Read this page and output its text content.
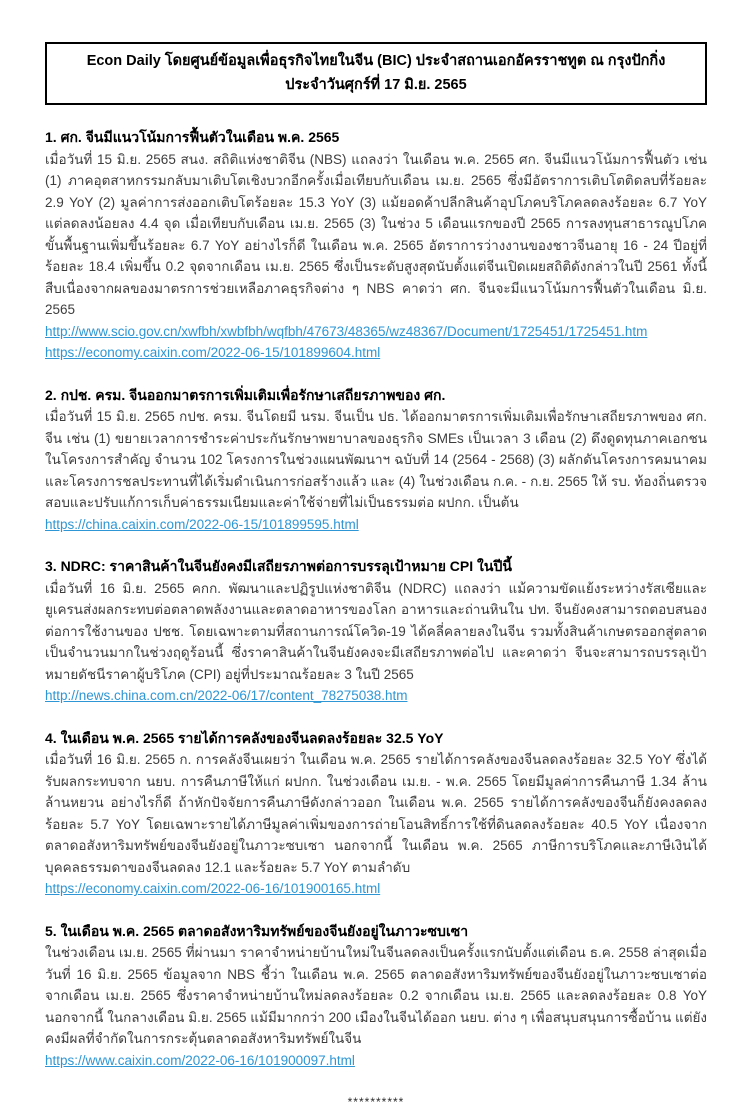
Econ Daily โดยศูนย์ข้อมูลเพื่อธุรกิจไทยในจีน (BIC) ประจำสถานเอกอัครราชทูต ณ กรุงปักกิ่ง
ประจำวันศุกร์ที่ 17 มิ.ย. 2565
1. ศก. จีนมีแนวโน้มการฟื้นตัวในเดือน พ.ค. 2565

เมื่อวันที่ 15 มิ.ย. 2565 สนง. สถิติแห่งชาติจีน (NBS) แถลงว่า ในเดือน พ.ค. 2565 ศก. จีนมีแนวโน้มการฟื้นตัว เช่น (1) ภาคอุตสาหกรรมกลับมาเติบโตเชิงบวกอีกครั้งเมื่อเทียบกับเดือน เม.ย. 2565 ซึ่งมีอัตราการเติบโตติดลบที่ร้อยละ 2.9 YoY (2) มูลค่าการส่งออกเติบโตร้อยละ 15.3 YoY (3) แม้ยอดค้าปลีกสินค้าอุปโภคบริโภคลดลงร้อยละ 6.7 YoY แต่ลดลงน้อยลง 4.4 จุด เมื่อเทียบกับเดือน เม.ย. 2565 (3) ในช่วง 5 เดือนแรกของปี 2565 การลงทุนสาธารณูปโภคขั้นพื้นฐานเพิ่มขึ้นร้อยละ 6.7 YoY อย่างไรก็ดี ในเดือน พ.ค. 2565 อัตราการว่างงานของชาวจีนอายุ 16 - 24 ปีอยู่ที่ร้อยละ 18.4 เพิ่มขึ้น 0.2 จุดจากเดือน เม.ย. 2565 ซึ่งเป็นระดับสูงสุดนับตั้งแต่จีนเปิดเผยสถิติดังกล่าวในปี 2561 ทั้งนี้ สืบเนื่องจากผลของมาตรการช่วยเหลือภาคธุรกิจต่าง ๆ NBS คาดว่า ศก. จีนจะมีแนวโน้มการฟื้นตัวในเดือน มิ.ย. 2565

http://www.scio.gov.cn/xwfbh/xwbfbh/wqfbh/47673/48365/wz48367/Document/1725451/1725451.htm
https://economy.caixin.com/2022-06-15/101899604.html
2. กปช. ครม. จีนออกมาตรการเพิ่มเติมเพื่อรักษาเสถียรภาพของ ศก.

เมื่อวันที่ 15 มิ.ย. 2565 กปช. ครม. จีนโดยมี นรม. จีนเป็น ปธ. ได้ออกมาตรการเพิ่มเติมเพื่อรักษาเสถียรภาพของ ศก. จีน เช่น (1) ขยายเวลาการชำระค่าประกันรักษาพยาบาลของธุรกิจ SMEs เป็นเวลา 3 เดือน (2) ดึงดูดทุนภาคเอกชนในโครงการสำคัญ จำนวน 102 โครงการในช่วงแผนพัฒนาฯ ฉบับที่ 14 (2564 - 2568) (3) ผลักดันโครงการคมนาคมและโครงการชลประทานที่ได้เริ่มดำเนินการก่อสร้างแล้ว และ (4) ในช่วงเดือน ก.ค. - ก.ย. 2565 ให้ รบ. ท้องถิ่นตรวจสอบและปรับแก้การเก็บค่าธรรมเนียมและค่าใช้จ่ายที่ไม่เป็นธรรมต่อ ผปกก. เป็นต้น

https://china.caixin.com/2022-06-15/101899595.html
3. NDRC: ราคาสินค้าในจีนยังคงมีเสถียรภาพต่อการบรรลุเป้าหมาย CPI ในปีนี้

เมื่อวันที่ 16 มิ.ย. 2565 คกก. พัฒนาและปฏิรูปแห่งชาติจีน (NDRC) แถลงว่า แม้ความขัดแย้งระหว่างรัสเซียและยูเครนส่งผลกระทบต่อตลาดพลังงานและตลาดอาหารของโลก อาหารและถ่านหินใน ปท. จีนยังคงสามารถตอบสนองต่อการใช้งานของ ปชช. โดยเฉพาะตามที่สถานการณ์โควิด-19 ได้คลี่คลายลงในจีน รวมทั้งสินค้าเกษตรออกสู่ตลาดเป็นจำนวนมากในช่วงฤดูร้อนนี้ ซึ่งราคาสินค้าในจีนยังคงจะมีเสถียรภาพต่อไป และคาดว่า จีนจะสามารถบรรลุเป้าหมายดัชนีราคาผู้บริโภค (CPI) อยู่ที่ประมาณร้อยละ 3 ในปี 2565

http://news.china.com.cn/2022-06/17/content_78275038.htm
4. ในเดือน พ.ค. 2565 รายได้การคลังของจีนลดลงร้อยละ 32.5 YoY

เมื่อวันที่ 16 มิ.ย. 2565 ก. การคลังจีนเผยว่า ในเดือน พ.ค. 2565 รายได้การคลังของจีนลดลงร้อยละ 32.5 YoY ซึ่งได้รับผลกระทบจาก นยบ. การคืนภาษีให้แก่ ผปกก. ในช่วงเดือน เม.ย. - พ.ค. 2565 โดยมีมูลค่าการคืนภาษี 1.34 ล้านล้านหยวน อย่างไรก็ดี ถ้าหักปัจจัยการคืนภาษีดังกล่าวออก ในเดือน พ.ค. 2565 รายได้การคลังของจีนก็ยังคงลดลงร้อยละ 5.7 YoY โดยเฉพาะรายได้ภาษีมูลค่าเพิ่มของการถ่ายโอนสิทธิ์การใช้ที่ดินลดลงร้อยละ 40.5 YoY เนื่องจากตลาดอสังหาริมทรัพย์ของจีนยังอยู่ในภาวะซบเซา นอกจากนี้ ในเดือน พ.ค. 2565 ภาษีการบริโภคและภาษีเงินได้บุคคลธรรมดาของจีนลดลง 12.1 และร้อยละ 5.7 YoY ตามลำดับ

https://economy.caixin.com/2022-06-16/101900165.html
5. ในเดือน พ.ค. 2565 ตลาดอสังหาริมทรัพย์ของจีนยังอยู่ในภาวะซบเซา

ในช่วงเดือน เม.ย. 2565 ที่ผ่านมา ราคาจำหน่ายบ้านใหม่ในจีนลดลงเป็นครั้งแรกนับตั้งแต่เดือน ธ.ค. 2558 ล่าสุดเมื่อวันที่ 16 มิ.ย. 2565 ข้อมูลจาก NBS ชี้ว่า ในเดือน พ.ค. 2565 ตลาดอสังหาริมทรัพย์ของจีนยังอยู่ในภาวะซบเซาต่อจากเดือน เม.ย. 2565 ซึ่งราคาจำหน่ายบ้านใหม่ลดลงร้อยละ 0.2 จากเดือน เม.ย. 2565 และลดลงร้อยละ 0.8 YoY นอกจากนี้ ในกลางเดือน มิ.ย. 2565 แม้มีมากกว่า 200 เมืองในจีนได้ออก นยบ. ต่าง ๆ เพื่อสนุบสนุนการซื้อบ้าน แต่ยังคงมีผลที่จำกัดในการกระตุ้นตลาดอสังหาริมทรัพย์ในจีน

https://www.caixin.com/2022-06-16/101900097.html
**********
